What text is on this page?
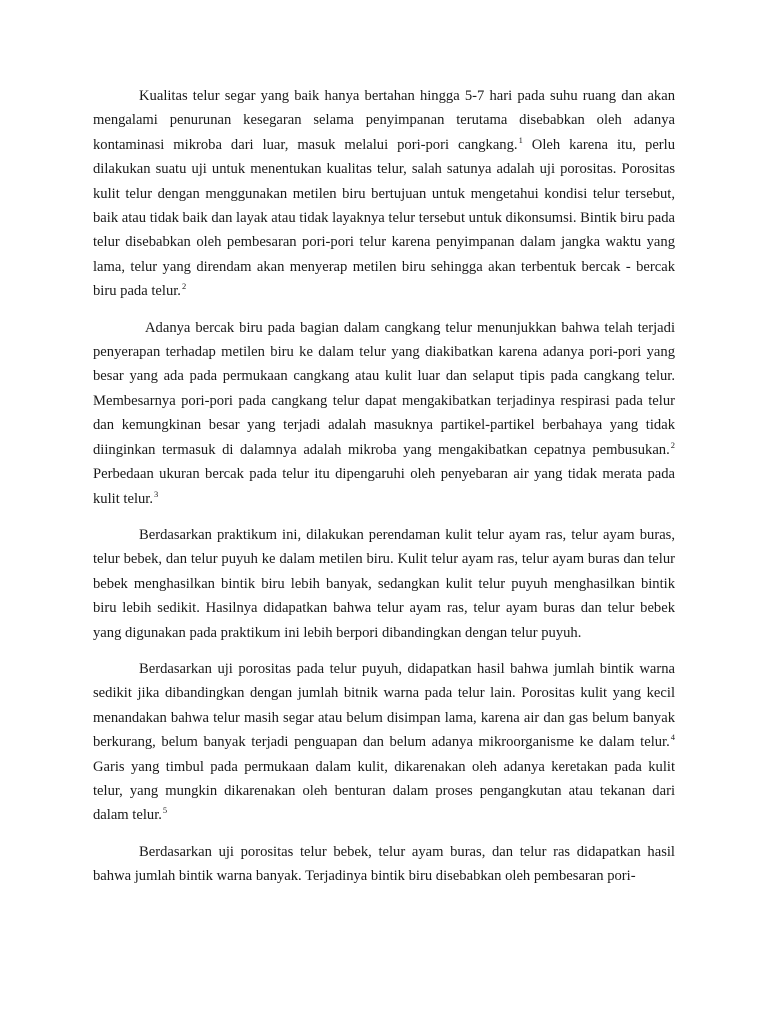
Kualitas telur segar yang baik hanya bertahan hingga 5-7 hari pada suhu ruang dan akan mengalami penurunan kesegaran selama penyimpanan terutama disebabkan oleh adanya kontaminasi mikroba dari luar, masuk melalui pori-pori cangkang.$^1$ Oleh karena itu, perlu dilakukan suatu uji untuk menentukan kualitas telur, salah satunya adalah uji porositas. Porositas kulit telur dengan menggunakan metilen biru bertujuan untuk mengetahui kondisi telur tersebut, baik atau tidak baik dan layak atau tidak layaknya telur tersebut untuk dikonsumsi. Bintik biru pada telur disebabkan oleh pembesaran pori-pori telur karena penyimpanan dalam jangka waktu yang lama, telur yang direndam akan menyerap metilen biru sehingga akan terbentuk bercak - bercak biru pada telur.$^2$

Adanya bercak biru pada bagian dalam cangkang telur menunjukkan bahwa telah terjadi penyerapan terhadap metilen biru ke dalam telur yang diakibatkan karena adanya pori-pori yang besar yang ada pada permukaan cangkang atau kulit luar dan selaput tipis pada cangkang telur. Membesarnya pori-pori pada cangkang telur dapat mengakibatkan terjadinya respirasi pada telur dan kemungkinan besar yang terjadi adalah masuknya partikel-partikel berbahaya yang tidak diinginkan termasuk di dalamnya adalah mikroba yang mengakibatkan cepatnya pembusukan.$^2$ Perbedaan ukuran bercak pada telur itu dipengaruhi oleh penyebaran air yang tidak merata pada kulit telur.$^3$

Berdasarkan praktikum ini, dilakukan perendaman kulit telur ayam ras, telur ayam buras, telur bebek, dan telur puyuh ke dalam metilen biru. Kulit telur ayam ras, telur ayam buras dan telur bebek menghasilkan bintik biru lebih banyak, sedangkan kulit telur puyuh menghasilkan bintik biru lebih sedikit. Hasilnya didapatkan bahwa telur ayam ras, telur ayam buras dan telur bebek yang digunakan pada praktikum ini lebih berpori dibandingkan dengan telur puyuh.

Berdasarkan uji porositas pada telur puyuh, didapatkan hasil bahwa jumlah bintik warna sedikit jika dibandingkan dengan jumlah bitnik warna pada telur lain. Porositas kulit yang kecil menandakan bahwa telur masih segar atau belum disimpan lama, karena air dan gas belum banyak berkurang, belum banyak terjadi penguapan dan belum adanya mikroorganisme ke dalam telur.$^4$ Garis yang timbul pada permukaan dalam kulit, dikarenakan oleh adanya keretakan pada kulit telur, yang mungkin dikarenakan oleh benturan dalam proses pengangkutan atau tekanan dari dalam telur.$^5$

Berdasarkan uji porositas telur bebek, telur ayam buras, dan telur ras didapatkan hasil bahwa jumlah bintik warna banyak. Terjadinya bintik biru disebabkan oleh pembesaran pori-
